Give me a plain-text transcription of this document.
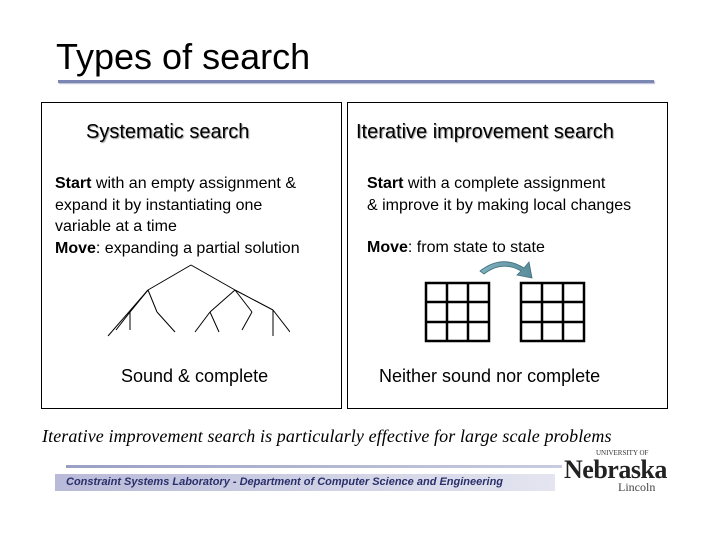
Types of search
Systematic search
Start with an empty assignment &
expand it by instantiating one
variable at a time
Move: expanding a partial solution
Sound & complete
Iterative improvement search
Start with a complete assignment
& improve it by making local changes
Move: from state to state
Neither sound nor complete
Iterative improvement search is particularly effective for large scale problems
Constraint Systems Laboratory - Department of Computer Science and Engineering
UNIVERSITY OF
Nebraska
Lincoln
